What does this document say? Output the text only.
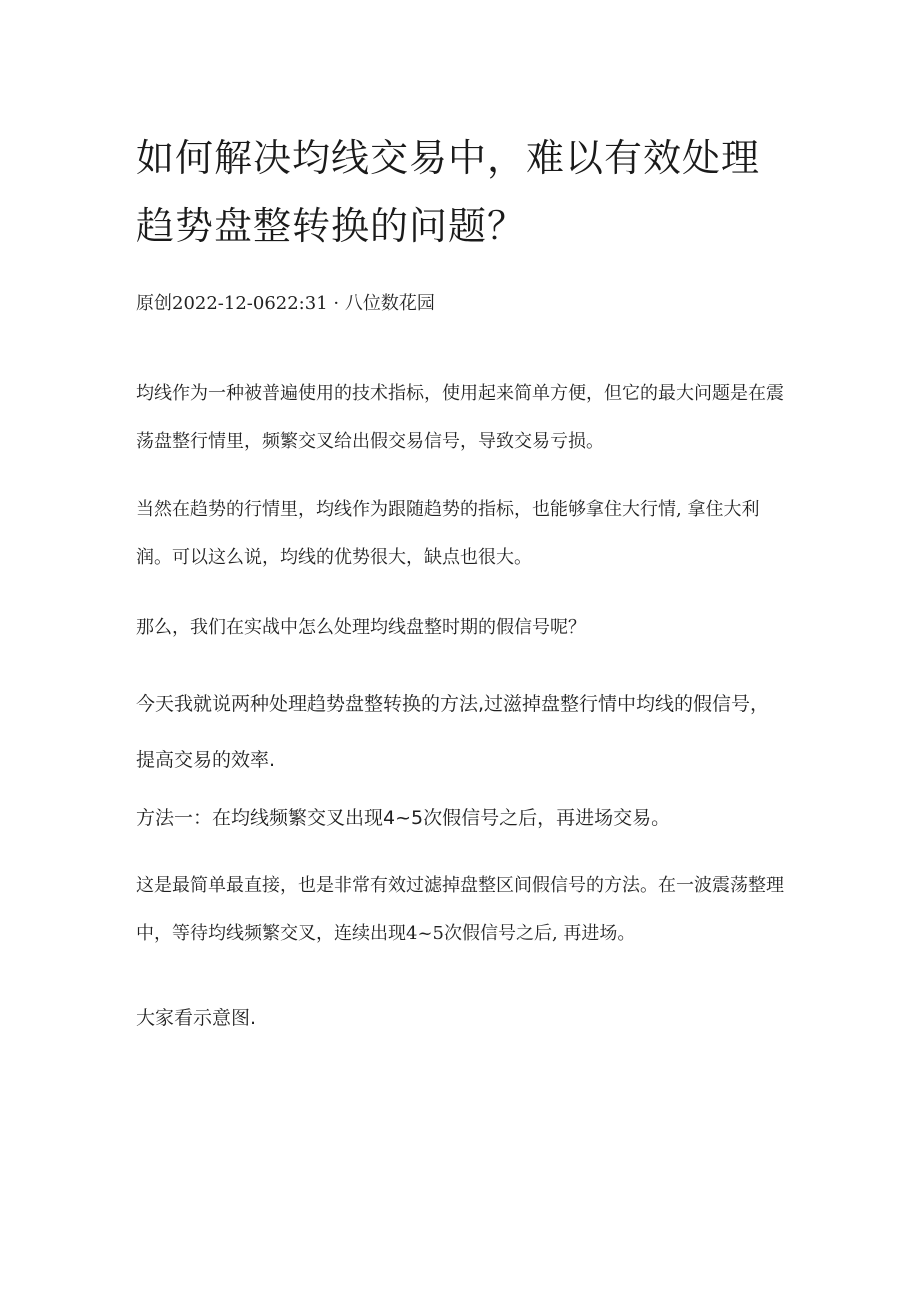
如何解决均线交易中，难以有效处理趋势盘整转换的问题？

原创2022-12-0622:31 · 八位数花园

均线作为一种被普遍使用的技术指标，使用起来简单方便，但它的最大问题是在震荡盘整行情里，频繁交叉给出假交易信号，导致交易亏损。

当然在趋势的行情里，均线作为跟随趋势的指标，也能够拿住大行情, 拿住大利润。可以这么说，均线的优势很大，缺点也很大。

那么，我们在实战中怎么处理均线盘整时期的假信号呢？

今天我就说两种处理趋势盘整转换的方法,过滋掉盘整行情中均线的假信号，提高交易的效率.

方法一：在均线频繁交叉出现4~5次假信号之后，再进场交易。

这是最简单最直接，也是非常有效过滤掉盘整区间假信号的方法。在一波震荡整理中，等待均线频繁交叉，连续出现4~5次假信号之后, 再进场。

大家看示意图.
